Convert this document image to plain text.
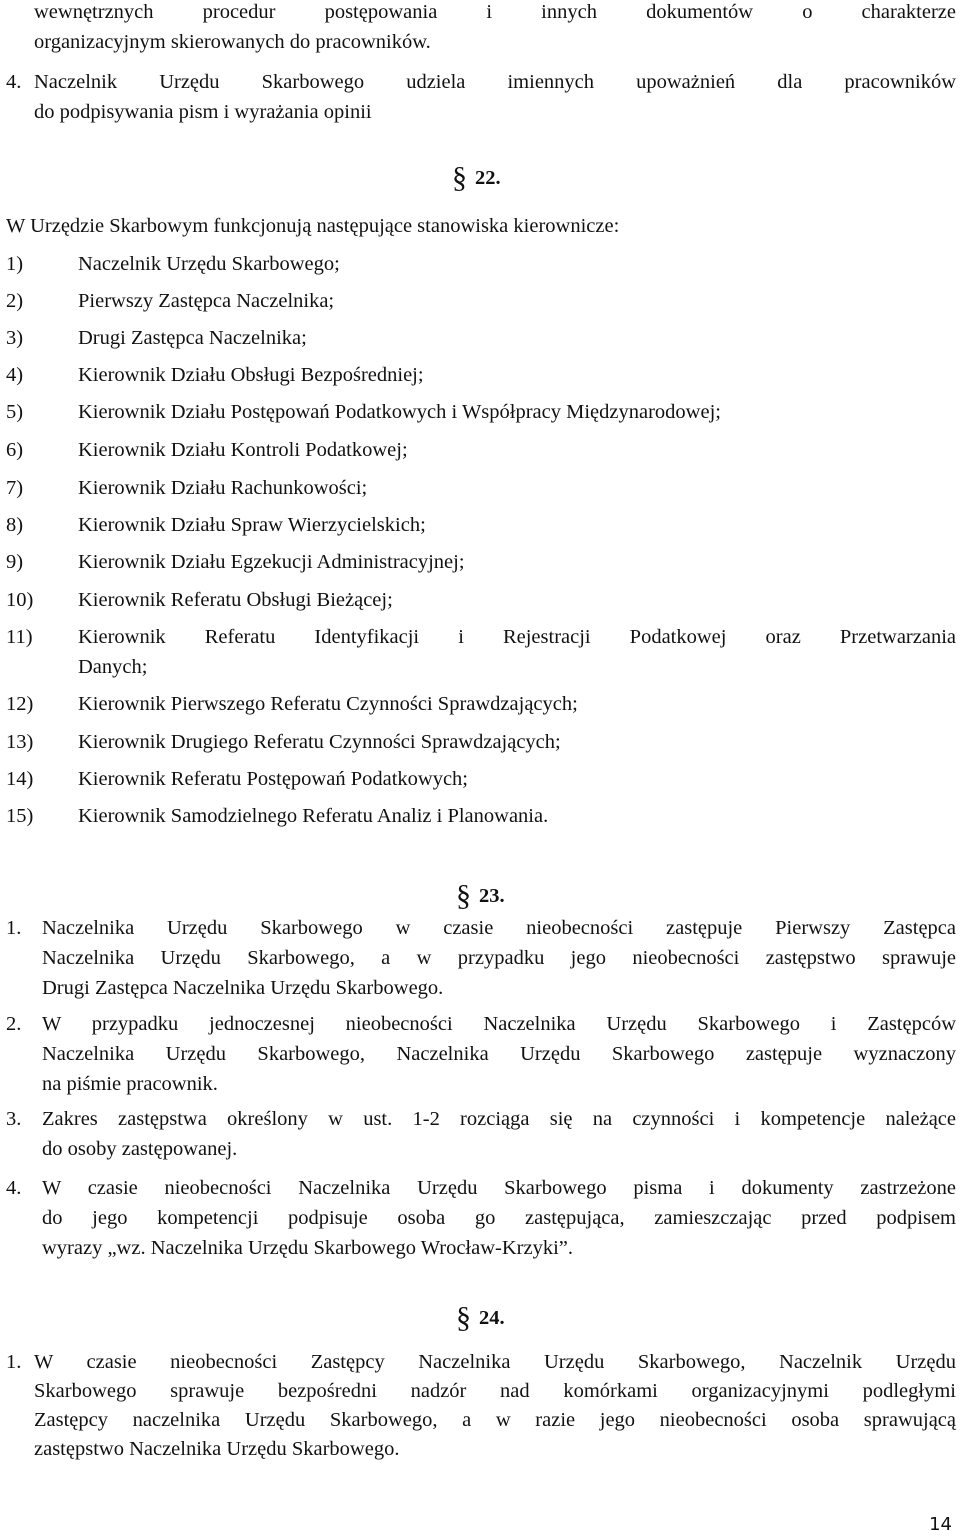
wewnętrznych procedur postępowania i innych dokumentów o charakterze
organizacyjnym skierowanych do pracowników.
4. Naczelnik Urzędu Skarbowego udziela imiennych upoważnień dla pracowników
do podpisywania pism i wyrażania opinii
§ 22.
W Urzędzie Skarbowym funkcjonują następujące stanowiska kierownicze:
1)	Naczelnik Urzędu Skarbowego;
2)	Pierwszy Zastępca Naczelnika;
3)	Drugi Zastępca Naczelnika;
4)	Kierownik Działu Obsługi Bezpośredniej;
5)	Kierownik Działu Postępowań Podatkowych i Współpracy Międzynarodowej;
6)	Kierownik Działu Kontroli Podatkowej;
7)	Kierownik Działu Rachunkowości;
8)	Kierownik Działu Spraw Wierzycielskich;
9)	Kierownik Działu Egzekucji Administracyjnej;
10) Kierownik Referatu Obsługi Bieżącej;
11) Kierownik Referatu Identyfikacji i Rejestracji Podatkowej oraz Przetwarzania
Danych;
12) Kierownik Pierwszego Referatu Czynności Sprawdzających;
13) Kierownik Drugiego Referatu Czynności Sprawdzających;
14) Kierownik Referatu Postępowań Podatkowych;
15) Kierownik Samodzielnego Referatu Analiz i Planowania.
§ 23.
1. Naczelnika Urzędu Skarbowego w czasie nieobecności zastępuje Pierwszy Zastępca
Naczelnika Urzędu Skarbowego, a w przypadku jego nieobecności zastępstwo sprawuje
Drugi Zastępca Naczelnika Urzędu Skarbowego.
2. W przypadku jednoczesnej nieobecności Naczelnika Urzędu Skarbowego i Zastępców
Naczelnika Urzędu Skarbowego, Naczelnika Urzędu Skarbowego zastępuje wyznaczony
na piśmie pracownik.
3. Zakres zastępstwa określony w ust. 1-2 rozciąga się na czynności i kompetencje należące
do osoby zastępowanej.
4. W czasie nieobecności Naczelnika Urzędu Skarbowego pisma i dokumenty zastrzeżone
do jego kompetencji podpisuje osoba go zastępująca, zamieszczając przed podpisem
wyrazy „wz. Naczelnika Urzędu Skarbowego Wrocław-Krzyki”.
§ 24.
1. W czasie nieobecności Zastępcy Naczelnika Urzędu Skarbowego, Naczelnik Urzędu
Skarbowego sprawuje bezpośredni nadzór nad komórkami organizacyjnymi podległymi
Zastępcy naczelnika Urzędu Skarbowego, a w razie jego nieobecności osoba sprawującą
zastępstwo Naczelnika Urzędu Skarbowego.
14
